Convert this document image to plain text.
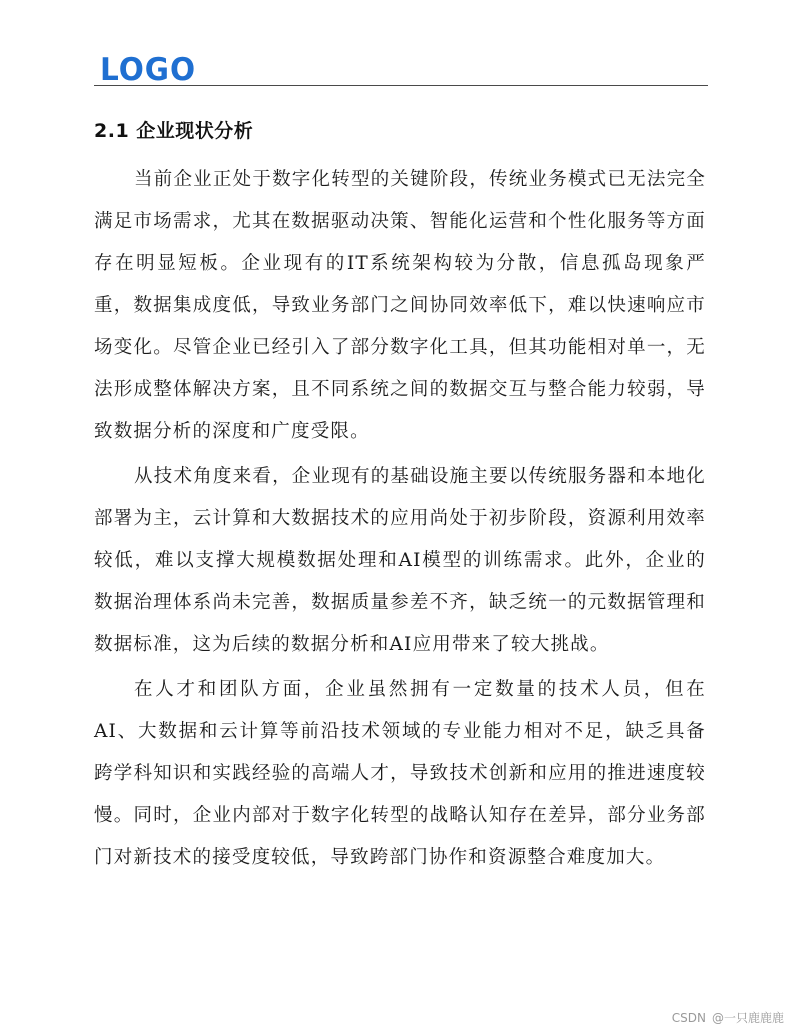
LOGO
2.1 企业现状分析

当前企业正处于数字化转型的关键阶段，传统业务模式已无法完全满足市场需求，尤其在数据驱动决策、智能化运营和个性化服务等方面存在明显短板。企业现有的IT系统架构较为分散，信息孤岛现象严重，数据集成度低，导致业务部门之间协同效率低下，难以快速响应市场变化。尽管企业已经引入了部分数字化工具，但其功能相对单一，无法形成整体解决方案，且不同系统之间的数据交互与整合能力较弱，导致数据分析的深度和广度受限。

从技术角度来看，企业现有的基础设施主要以传统服务器和本地化部署为主，云计算和大数据技术的应用尚处于初步阶段，资源利用效率较低，难以支撑大规模数据处理和AI模型的训练需求。此外，企业的数据治理体系尚未完善，数据质量参差不齐，缺乏统一的元数据管理和数据标准，这为后续的数据分析和AI应用带来了较大挑战。

在人才和团队方面，企业虽然拥有一定数量的技术人员，但在AI、大数据和云计算等前沿技术领域的专业能力相对不足，缺乏具备跨学科知识和实践经验的高端人才，导致技术创新和应用的推进速度较慢。同时，企业内部对于数字化转型的战略认知存在差异，部分业务部门对新技术的接受度较低，导致跨部门协作和资源整合难度加大。

CSDN @一只鹿鹿鹿
